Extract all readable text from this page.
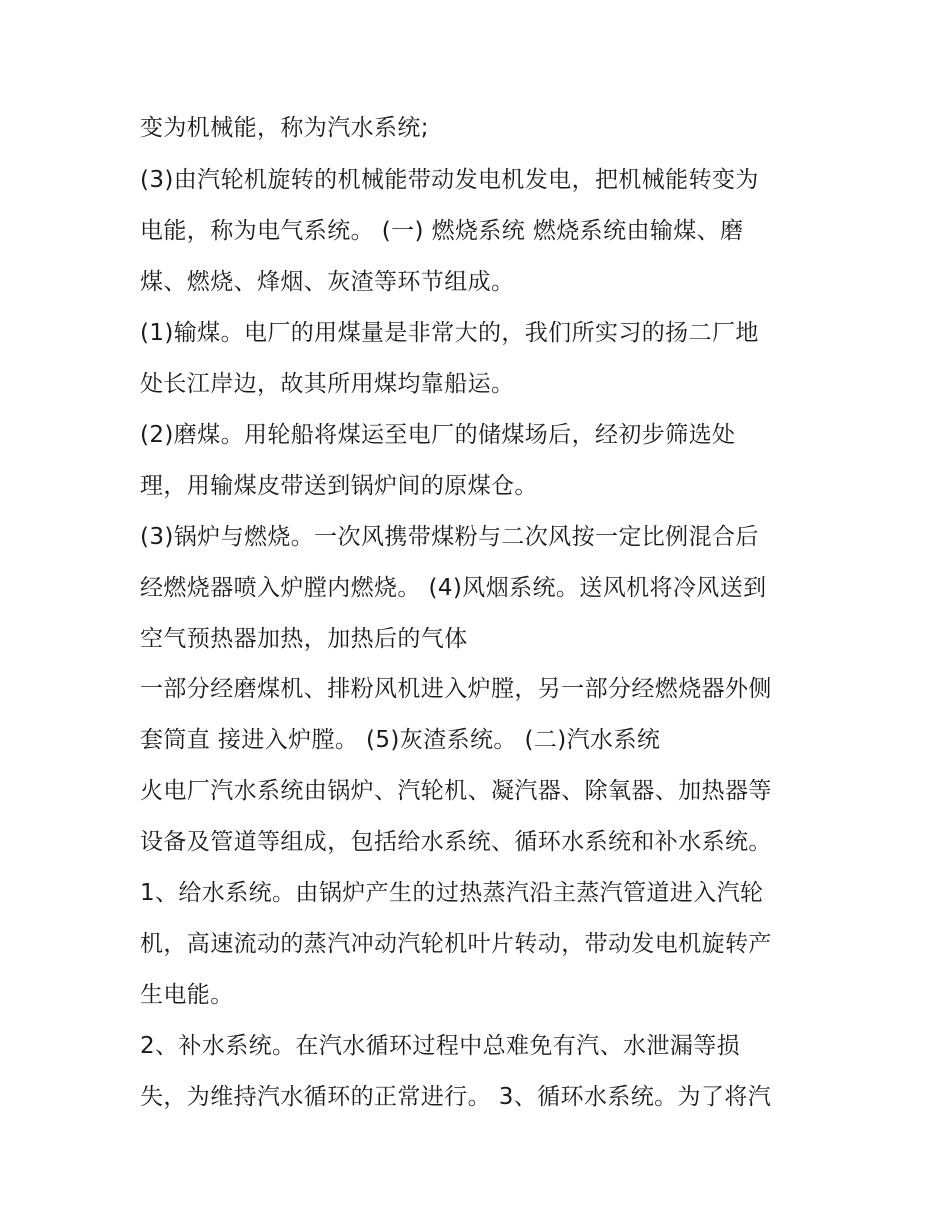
变为机械能，称为汽水系统;

(3)由汽轮机旋转的机械能带动发电机发电，把机械能转变为

电能，称为电气系统。 (一) 燃烧系统 燃烧系统由输煤、磨

煤、燃烧、烽烟、灰渣等环节组成。

(1)输煤。电厂的用煤量是非常大的，我们所实习的扬二厂地

处长江岸边，故其所用煤均靠船运。

(2)磨煤。用轮船将煤运至电厂的储煤场后，经初步筛选处

理，用输煤皮带送到锅炉间的原煤仓。

(3)锅炉与燃烧。一次风携带煤粉与二次风按一定比例混合后

经燃烧器喷入炉膛内燃烧。 (4)风烟系统。送风机将冷风送到

空气预热器加热，加热后的气体

一部分经磨煤机、排粉风机进入炉膛，另一部分经燃烧器外侧

套筒直 接进入炉膛。 (5)灰渣系统。 (二)汽水系统

火电厂汽水系统由锅炉、汽轮机、凝汽器、除氧器、加热器等

设备及管道等组成，包括给水系统、循环水系统和补水系统。

1、给水系统。由锅炉产生的过热蒸汽沿主蒸汽管道进入汽轮

机，高速流动的蒸汽冲动汽轮机叶片转动，带动发电机旋转产

生电能。

2、补水系统。在汽水循环过程中总难免有汽、水泄漏等损

失，为维持汽水循环的正常进行。 3、循环水系统。为了将汽
